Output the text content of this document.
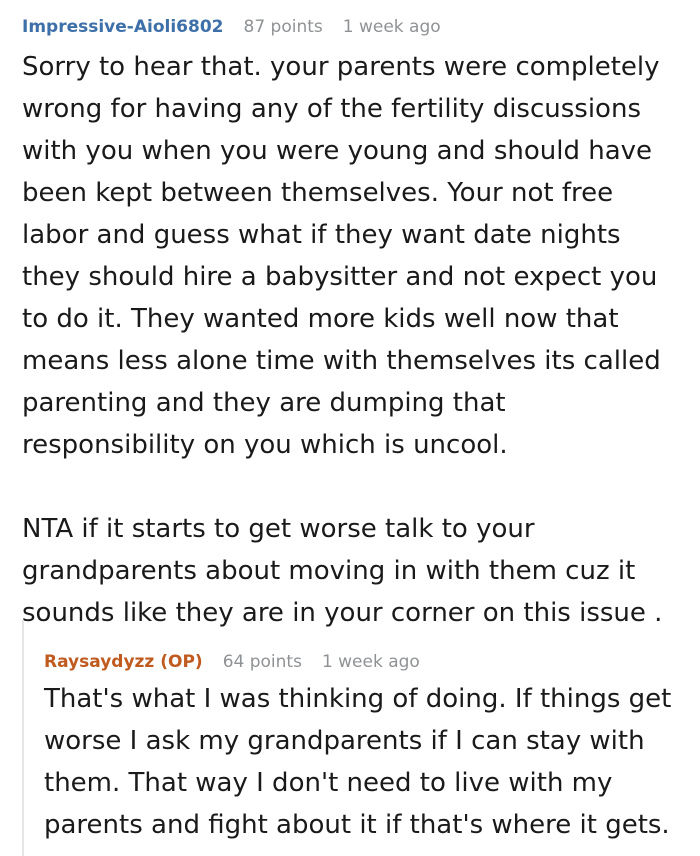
Impressive-Aioli6802 87 points 1 week ago

Sorry to hear that. your parents were completely wrong for having any of the fertility discussions with you when you were young and should have been kept between themselves. Your not free labor and guess what if they want date nights they should hire a babysitter and not expect you to do it. They wanted more kids well now that means less alone time with themselves its called parenting and they are dumping that responsibility on you which is uncool.

NTA if it starts to get worse talk to your grandparents about moving in with them cuz it sounds like they are in your corner on this issue .

Raysaydyzz (OP) 64 points 1 week ago
That's what I was thinking of doing. If things get worse I ask my grandparents if I can stay with them. That way I don't need to live with my parents and fight about it if that's where it gets.
